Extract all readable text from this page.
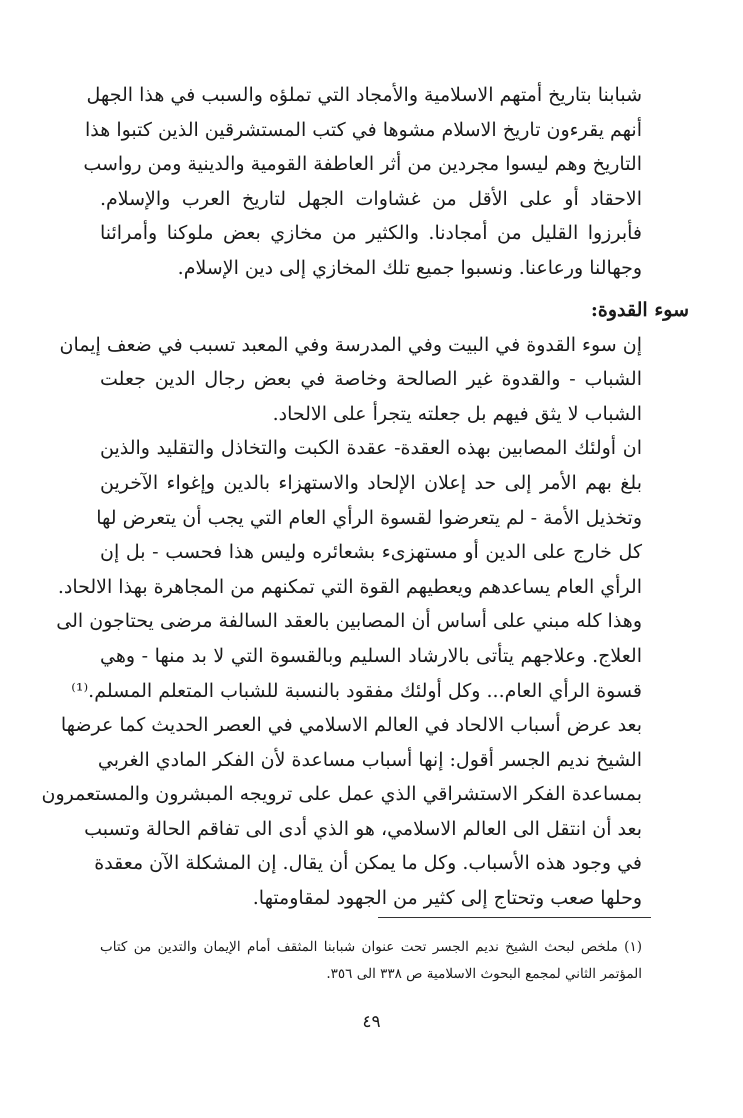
شبابنا بتاريخ أمتهم الاسلامية والأمجاد التي تملؤه والسبب في هذا الجهل
أنهم يقرءون تاريخ الاسلام مشوها في كتب المستشرقين الذين كتبوا هذا
التاريخ وهم ليسوا مجردين من أثر العاطفة القومية والدينية ومن رواسب
الاحقاد أو على الأقل من غشاوات الجهل لتاريخ العرب والإسلام.
فأبرزوا القليل من أمجادنا. والكثير من مخازي بعض ملوكنا وأمرائنا
وجهالنا ورعاعنا. ونسبوا جميع تلك المخازي إلى دين الإسلام.
سوء القدوة:
إن سوء القدوة في البيت وفي المدرسة وفي المعبد تسبب في ضعف إيمان
الشباب - والقدوة غير الصالحة وخاصة في بعض رجال الدين جعلت
الشباب لا يثق فيهم بل جعلته يتجرأ على الالحاد.
ان أولئك المصابين بهذه العقدة- عقدة الكبت والتخاذل والتقليد والذين
بلغ بهم الأمر إلى حد إعلان الإلحاد والاستهزاء بالدين وإغواء الآخرين
وتخذيل الأمة - لم يتعرضوا لقسوة الرأي العام التي يجب أن يتعرض لها
كل خارج على الدين أو مستهزىء بشعائره وليس هذا فحسب - بل إن
الرأي العام يساعدهم ويعطيهم القوة التي تمكنهم من المجاهرة بهذا الالحاد.
وهذا كله مبني على أساس أن المصابين بالعقد السالفة مرضى يحتاجون الى
العلاج. وعلاجهم يتأتى بالارشاد السليم وبالقسوة التي لا بد منها - وهي
قسوة الرأي العام... وكل أولئك مفقود بالنسبة للشباب المتعلم المسلم.⁽¹⁾
بعد عرض أسباب الالحاد في العالم الاسلامي في العصر الحديث كما عرضها
الشيخ نديم الجسر أقول: إنها أسباب مساعدة لأن الفكر المادي الغربي
بمساعدة الفكر الاستشراقي الذي عمل على ترويجه المبشرون والمستعمرون
بعد أن انتقل الى العالم الاسلامي، هو الذي أدى الى تفاقم الحالة وتسبب
في وجود هذه الأسباب. وكل ما يمكن أن يقال. إن المشكلة الآن معقدة
وحلها صعب وتحتاج إلى كثير من الجهود لمقاومتها.
(١) ملخص لبحث الشيخ نديم الجسر تحت عنوان شبابنا المثقف أمام الإيمان والتدين من كتاب
المؤتمر الثاني لمجمع البحوث الاسلامية ص ٣٣٨ الى ٣٥٦.
٤٩
